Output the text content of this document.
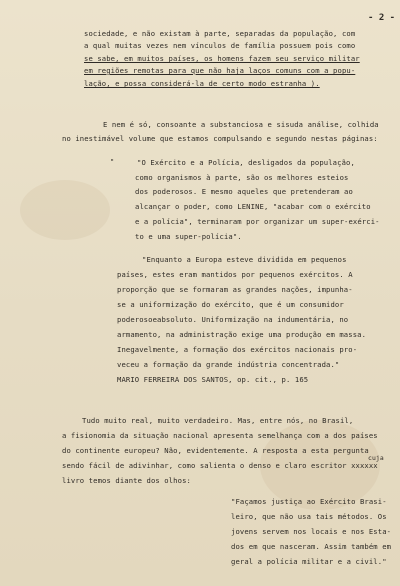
- 2 -
sociedade, e não existam à parte, separadas da população, com
a qual muitas vezes nem vínculos de família possuem pois como
se sabe, em muitos países, os homens fazem seu serviço militar
em regiões remotas para que não haja laços comuns com a popu-
lação, e possa considerá-la de certo modo estranha ).
E nem é só, consoante a substanciosa e sisuda análise, colhida
no inestimável volume que estamos compulsando e segundo nestas páginas:
"	"O Exército e a Polícia, desligados da população,
como organismos à parte, são os melhores esteios
dos poderosos. E mesmo aqueles que pretenderam ao
alcançar o poder, como LENINE, "acabar com o exército
e a polícia", terminaram por organizar um super-exérci-
to e uma super-polícia".
"Enquanto a Europa esteve dividida em pequenos
países, estes eram mantidos por pequenos exércitos. A
proporção que se formaram as grandes nações, impunha-
se a uniformização do exército, que é um consumidor
poderosoeabsoluto. Uniformização na indumentária, no
armamento, na administração exige uma produção em massa.
Inegavelmente, a formação dos exércitos nacionais pro-
veceu a formação da grande indústria concentrada."
MARIO FERREIRA DOS SANTOS, op. cit., p. 165
Tudo muito real, muito verdadeiro. Mas, entre nós, no Brasil,
a fisionomia da situação nacional apresenta semelhança com a dos países
do continente europeu? Não, evidentemente. A resposta a esta pergunta
cuja
sendo fácil de adivinhar, como salienta o denso e claro escritor xxxxxx
livro temos diante dos olhos:
"Façamos justiça ao Exército Brasi-
leiro, que não usa tais métodos. Os
jovens servem nos locais e nos Esta-
dos em que nasceram. Assim também em
geral a polícia militar e a civil."
